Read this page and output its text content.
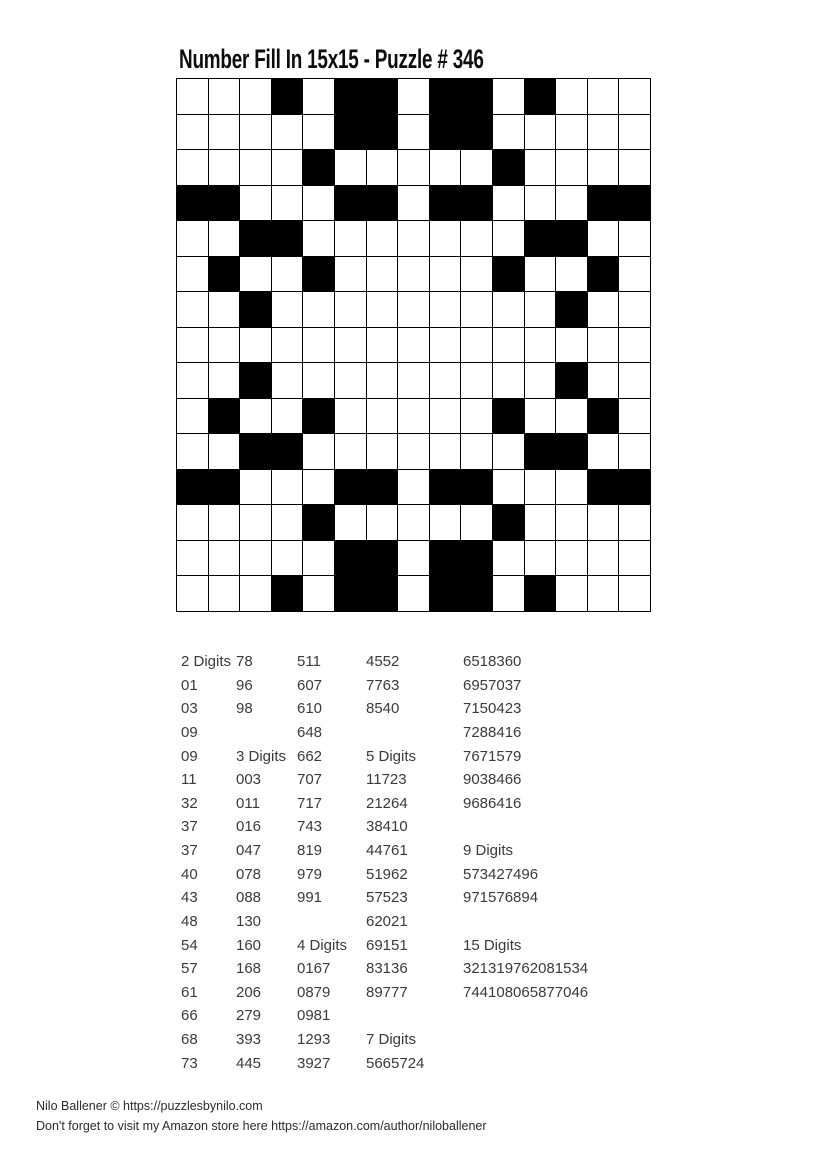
Number Fill In 15x15 - Puzzle # 346
2 Digits
01
03
09
09
11
32
37
37
40
43
48
54
57
61
66
68
73
78
96
98

3 Digits
003
011
016
047
078
088
130
160
168
206
279
393
445
511
607
610
648
662
707
717
743
819
979
991

4 Digits
0167
0879
0981
1293
3927
4552
7763
8540

5 Digits
11723
21264
38410
44761
51962
57523
62021
69151
83136
89777

7 Digits
5665724
6518360
6957037
7150423
7288416
7671579
9038466
9686416

9 Digits
573427496
971576894

15 Digits
321319762081534
744108065877046

Nilo Ballener © https://puzzlesbynilo.com
Don't forget to visit my Amazon store here https://amazon.com/author/niloballener
